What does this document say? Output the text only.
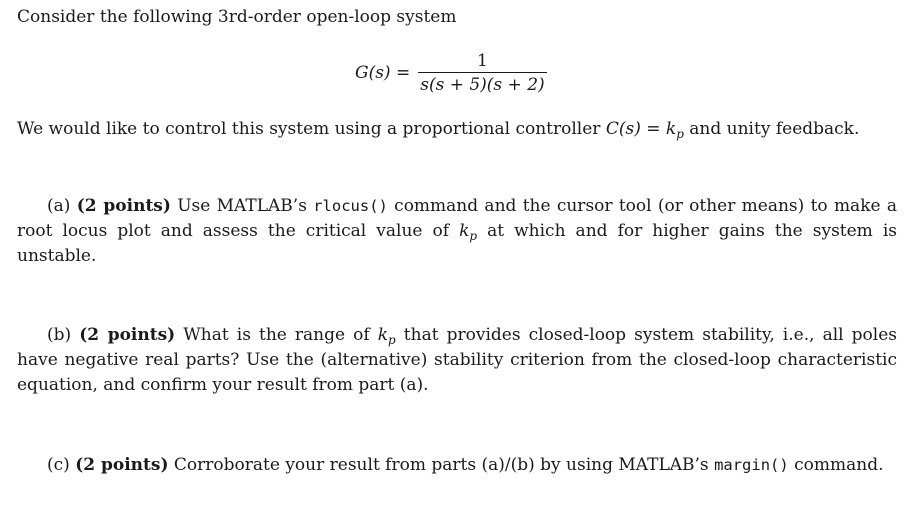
Consider the following 3rd-order open-loop system
$G(s) = \frac{1}{s(s + 5)(s + 2)}$
We would like to control this system using a proportional controller $C(s) = k_p$ and unity feedback.
(a) (2 points) Use MATLAB’s rlocus() command and the cursor tool (or other means) to make a root locus plot and assess the critical value of $k_p$ at which and for higher gains the system is unstable.
(b) (2 points) What is the range of $k_p$ that provides closed-loop system stability, i.e., all poles have negative real parts? Use the (alternative) stability criterion from the closed-loop characteristic equation, and confirm your result from part (a).
(c) (2 points) Corroborate your result from parts (a)/(b) by using MATLAB’s margin() command.
